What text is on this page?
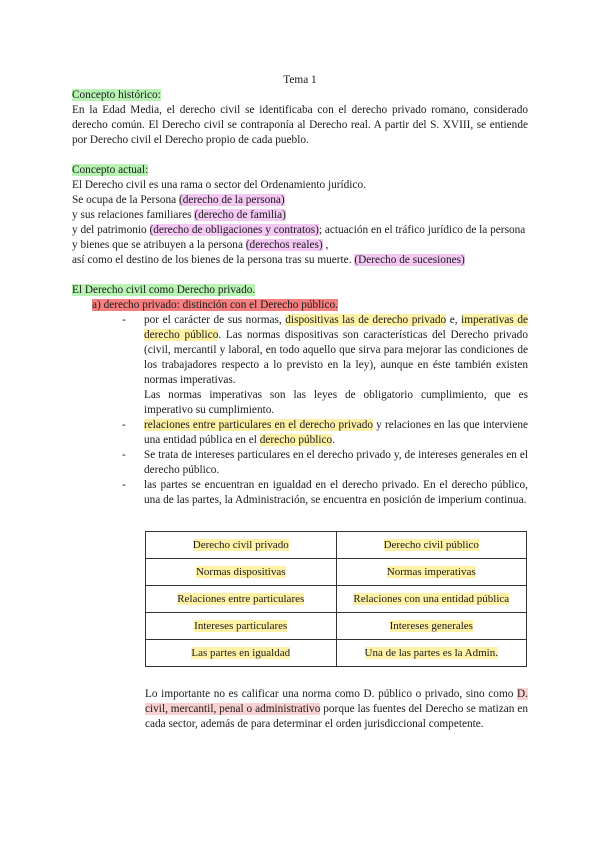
Tema 1
Concepto histórico:
En la Edad Media, el derecho civil se identificaba con el derecho privado romano, considerado derecho común. El Derecho civil se contraponía al Derecho real. A partir del S. XVIII, se entiende por Derecho civil el Derecho propio de cada pueblo.
Concepto actual:
El Derecho civil es una rama o sector del Ordenamiento jurídico.
Se ocupa de la Persona (derecho de la persona)
y sus relaciones familiares (derecho de familia)
y del patrimonio (derecho de obligaciones y contratos); actuación en el tráfico jurídico de la persona
y bienes que se atribuyen a la persona (derechos reales) ,
así como el destino de los bienes de la persona tras su muerte. (Derecho de sucesiones)
El Derecho civil como Derecho privado.
a) derecho privado: distinción con el Derecho público.
- por el carácter de sus normas, dispositivas las de derecho privado e, imperativas de derecho público. Las normas dispositivas son características del Derecho privado (civil, mercantil y laboral, en todo aquello que sirva para mejorar las condiciones de los trabajadores respecto a lo previsto en la ley), aunque en éste también existen normas imperativas.
Las normas imperativas son las leyes de obligatorio cumplimiento, que es imperativo su cumplimiento.
- relaciones entre particulares en el derecho privado y relaciones en las que interviene una entidad pública en el derecho público.
- Se trata de intereses particulares en el derecho privado y, de intereses generales en el derecho público.
- las partes se encuentran en igualdad en el derecho privado. En el derecho público, una de las partes, la Administración, se encuentra en posición de imperium continua.
Derecho civil privado	Derecho civil público
Normas dispositivas	Normas imperativas
Relaciones entre particulares	Relaciones con una entidad pública
Intereses particulares	Intereses generales
Las partes en igualdad	Una de las partes es la Admin.
Lo importante no es calificar una norma como D. público o privado, sino como D. civil, mercantil, penal o administrativo porque las fuentes del Derecho se matizan en cada sector, además de para determinar el orden jurisdiccional competente.
